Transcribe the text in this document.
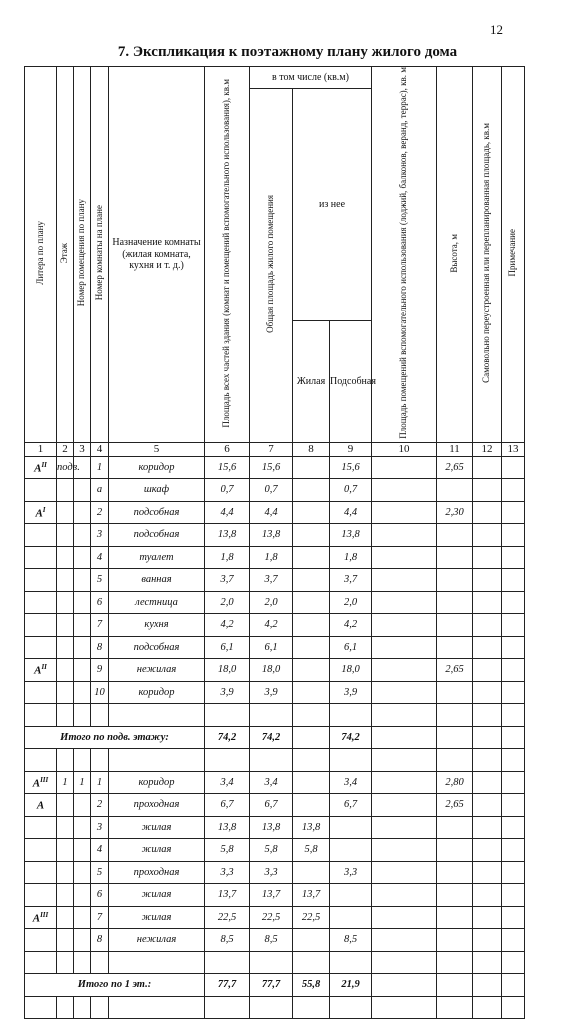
12
7. Экспликация к поэтажному плану жилого дома
Литера по плану	Этаж	Номер помещения по плану	Номер комнаты на плане	Назначение комнаты (жилая комната, кухня и т. д.)	Площадь всех частей здания (комнат и помещений вспомогательного использования), кв.м	в том числе (кв.м)			Площадь помещений вспомогательного использования (лоджий, балконов, веранд, террас), кв. м	Высота, м	Самовольно переустроенная или перепланированная площадь, кв.м	Примечание
						Общая площадь жилого помещения	из нее					
							Жилая	Подсобная				
1	2	3	4	5	6	7	8	9	10	11	12	13
$А^{II}$	подв.		1	коридор	15,6	15,6		15,6		2,65		
			а	шкаф	0,7	0,7		0,7				
$А^I$			2	подсобная	4,4	4,4		4,4		2,30		
			3	подсобная	13,8	13,8		13,8				
			4	туалет	1,8	1,8		1,8				
			5	ванная	3,7	3,7		3,7				
			6	лестница	2,0	2,0		2,0				
			7	кухня	4,2	4,2		4,2				
			8	подсобная	6,1	6,1		6,1				
$А^{II}$			9	нежилая	18,0	18,0		18,0		2,65		
			10	коридор	3,9	3,9		3,9				

Итого по подв. этажу:					74,2	74,2		74,2				

$А^{III}$	1	1	1	коридор	3,4	3,4		3,4		2,80		
А			2	проходная	6,7	6,7		6,7		2,65		
			3	жилая	13,8	13,8	13,8					
			4	жилая	5,8	5,8	5,8					
			5	проходная	3,3	3,3		3,3				
			6	жилая	13,7	13,7	13,7					
$А^{III}$			7	жилая	22,5	22,5	22,5					
			8	нежилая	8,5	8,5		8,5				

Итого по 1 эт.:					77,7	77,7	55,8	21,9				
